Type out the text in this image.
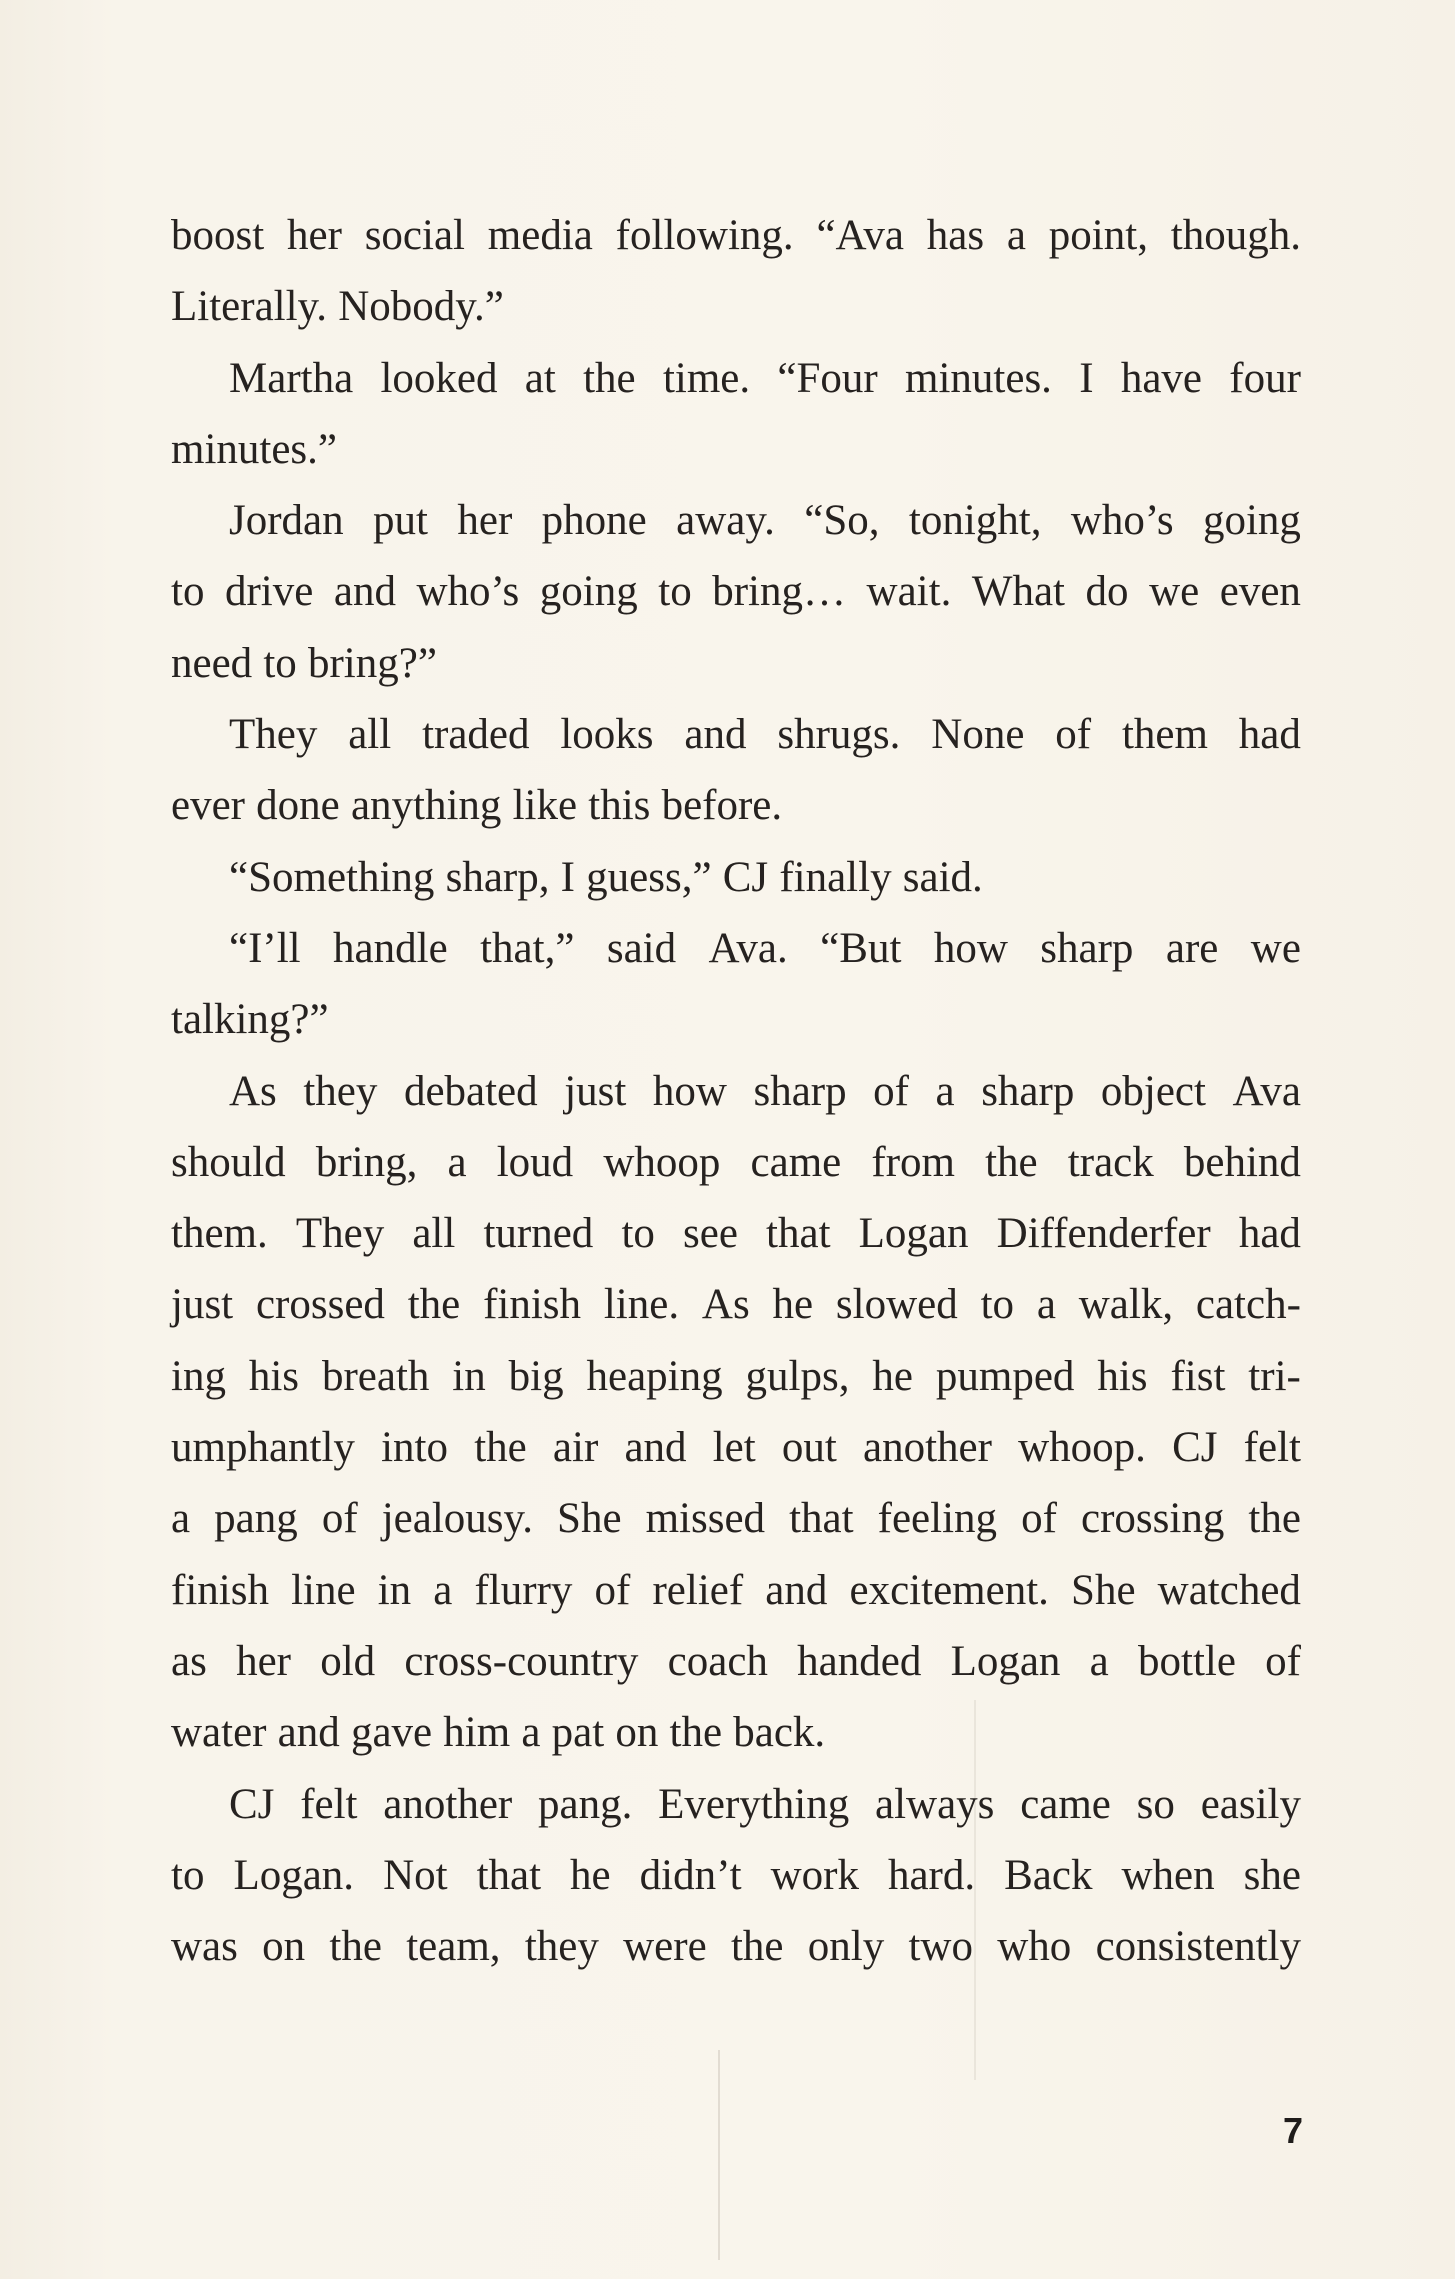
boost her social media following. “Ava has a point, though.
Literally. Nobody.”
Martha looked at the time. “Four minutes. I have four
minutes.”
Jordan put her phone away. “So, tonight, who’s going
to drive and who’s going to bring… wait. What do we even
need to bring?”
They all traded looks and shrugs. None of them had
ever done anything like this before.
“Something sharp, I guess,” CJ finally said.
“I’ll handle that,” said Ava. “But how sharp are we
talking?”
As they debated just how sharp of a sharp object Ava
should bring, a loud whoop came from the track behind
them. They all turned to see that Logan Diffenderfer had
just crossed the finish line. As he slowed to a walk, catch-
ing his breath in big heaping gulps, he pumped his fist tri-
umphantly into the air and let out another whoop. CJ felt
a pang of jealousy. She missed that feeling of crossing the
finish line in a flurry of relief and excitement. She watched
as her old cross-country coach handed Logan a bottle of
water and gave him a pat on the back.
CJ felt another pang. Everything always came so easily
to Logan. Not that he didn’t work hard. Back when she
was on the team, they were the only two who consistently
7
